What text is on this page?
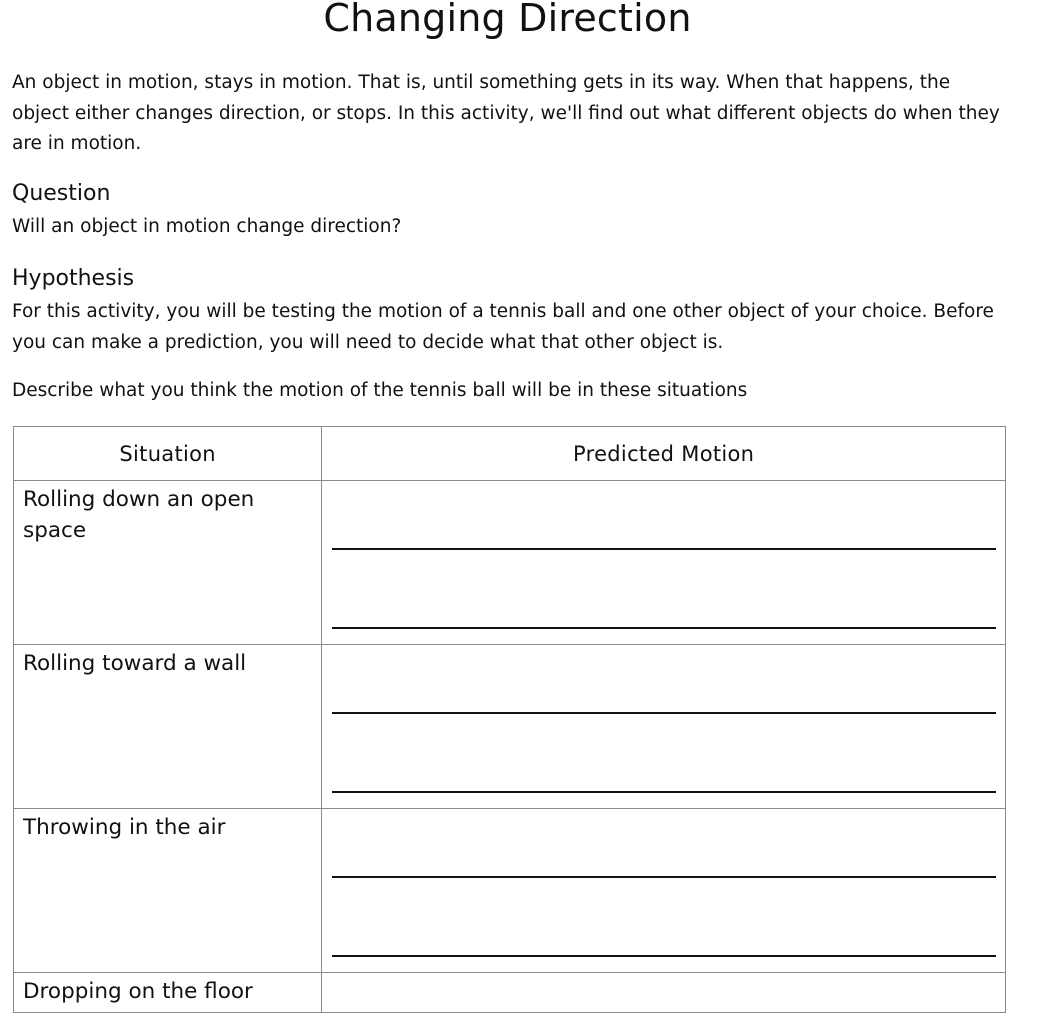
Changing Direction

An object in motion, stays in motion. That is, until something gets in its way. When that happens, the object either changes direction, or stops. In this activity, we'll find out what different objects do when they are in motion.

Question

Will an object in motion change direction?

Hypothesis

For this activity, you will be testing the motion of a tennis ball and one other object of your choice. Before you can make a prediction, you will need to decide what that other object is.

Describe what you think the motion of the tennis ball will be in these situations

Situation	Predicted Motion
Rolling down an open space	

Rolling toward a wall	

Throwing in the air	

Dropping on the floor	
